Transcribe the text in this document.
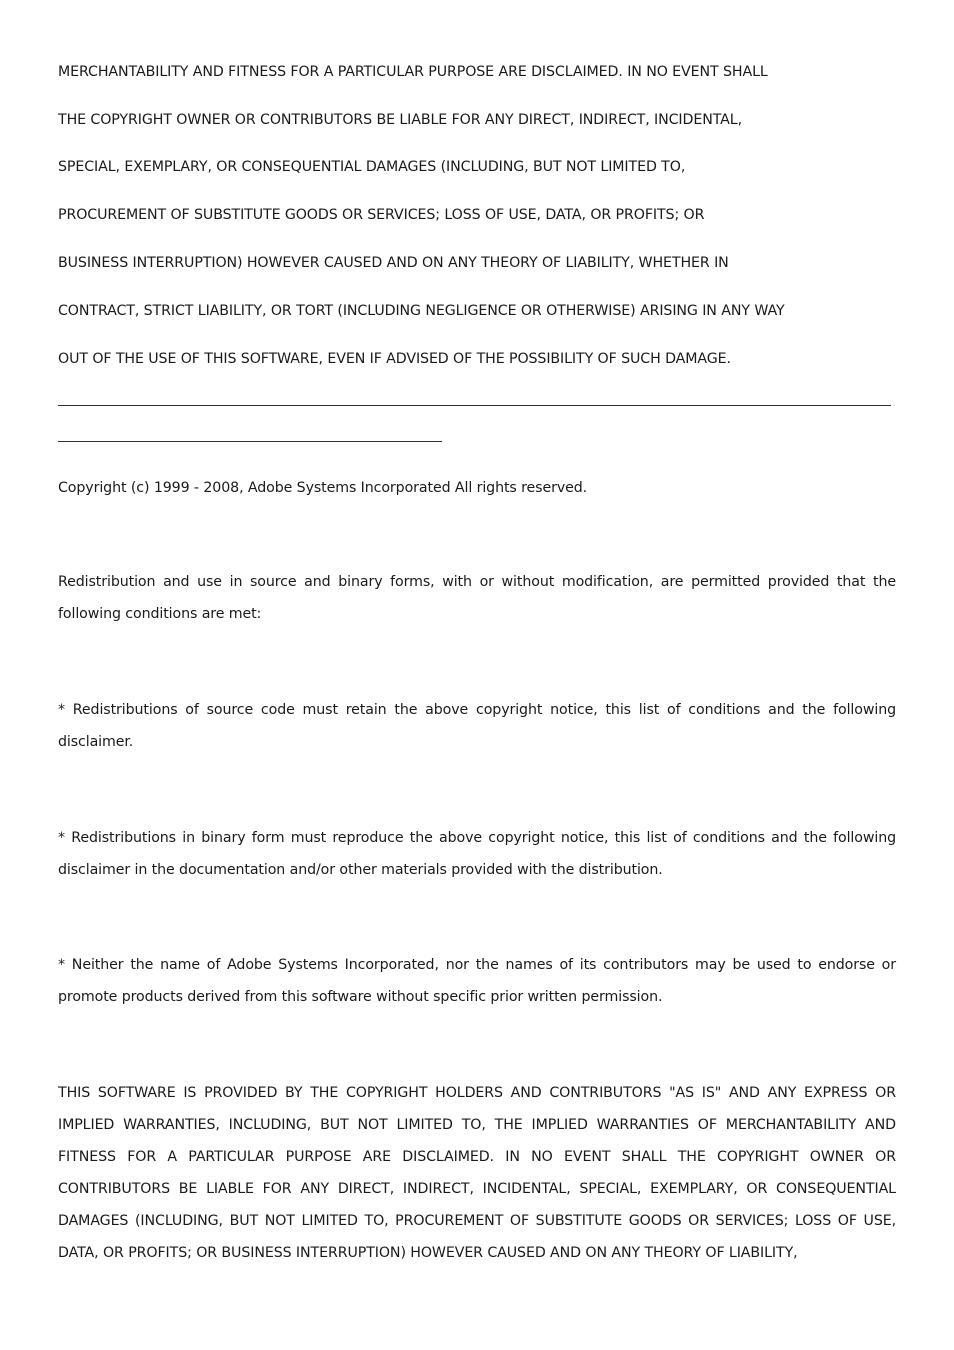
MERCHANTABILITY AND FITNESS FOR A PARTICULAR PURPOSE ARE DISCLAIMED. IN NO EVENT SHALL
THE COPYRIGHT OWNER OR CONTRIBUTORS BE LIABLE FOR ANY DIRECT, INDIRECT, INCIDENTAL,
SPECIAL, EXEMPLARY, OR CONSEQUENTIAL DAMAGES (INCLUDING, BUT NOT LIMITED TO,
PROCUREMENT OF SUBSTITUTE GOODS OR SERVICES; LOSS OF USE, DATA, OR PROFITS; OR
BUSINESS INTERRUPTION) HOWEVER CAUSED AND ON ANY THEORY OF LIABILITY, WHETHER IN
CONTRACT, STRICT LIABILITY, OR TORT (INCLUDING NEGLIGENCE OR OTHERWISE) ARISING IN ANY WAY
OUT OF THE USE OF THIS SOFTWARE, EVEN IF ADVISED OF THE POSSIBILITY OF SUCH DAMAGE.
Copyright (c) 1999 - 2008, Adobe Systems Incorporated All rights reserved.
Redistribution and use in source and binary forms, with or without modification, are permitted provided that the following conditions are met:
* Redistributions of source code must retain the above copyright notice, this list of conditions and the following disclaimer.
* Redistributions in binary form must reproduce the above copyright notice, this list of conditions and the following disclaimer in the documentation and/or other materials provided with the distribution.
* Neither the name of Adobe Systems Incorporated, nor the names of its contributors may be used to endorse or promote products derived from this software without specific prior written permission.
THIS SOFTWARE IS PROVIDED BY THE COPYRIGHT HOLDERS AND CONTRIBUTORS "AS IS" AND ANY EXPRESS OR IMPLIED WARRANTIES, INCLUDING, BUT NOT LIMITED TO, THE IMPLIED WARRANTIES OF MERCHANTABILITY AND FITNESS FOR A PARTICULAR PURPOSE ARE DISCLAIMED. IN NO EVENT SHALL THE COPYRIGHT OWNER OR CONTRIBUTORS BE LIABLE FOR ANY DIRECT, INDIRECT, INCIDENTAL, SPECIAL, EXEMPLARY, OR CONSEQUENTIAL DAMAGES (INCLUDING, BUT NOT LIMITED TO, PROCUREMENT OF SUBSTITUTE GOODS OR SERVICES; LOSS OF USE, DATA, OR PROFITS; OR BUSINESS INTERRUPTION) HOWEVER CAUSED AND ON ANY THEORY OF LIABILITY,
